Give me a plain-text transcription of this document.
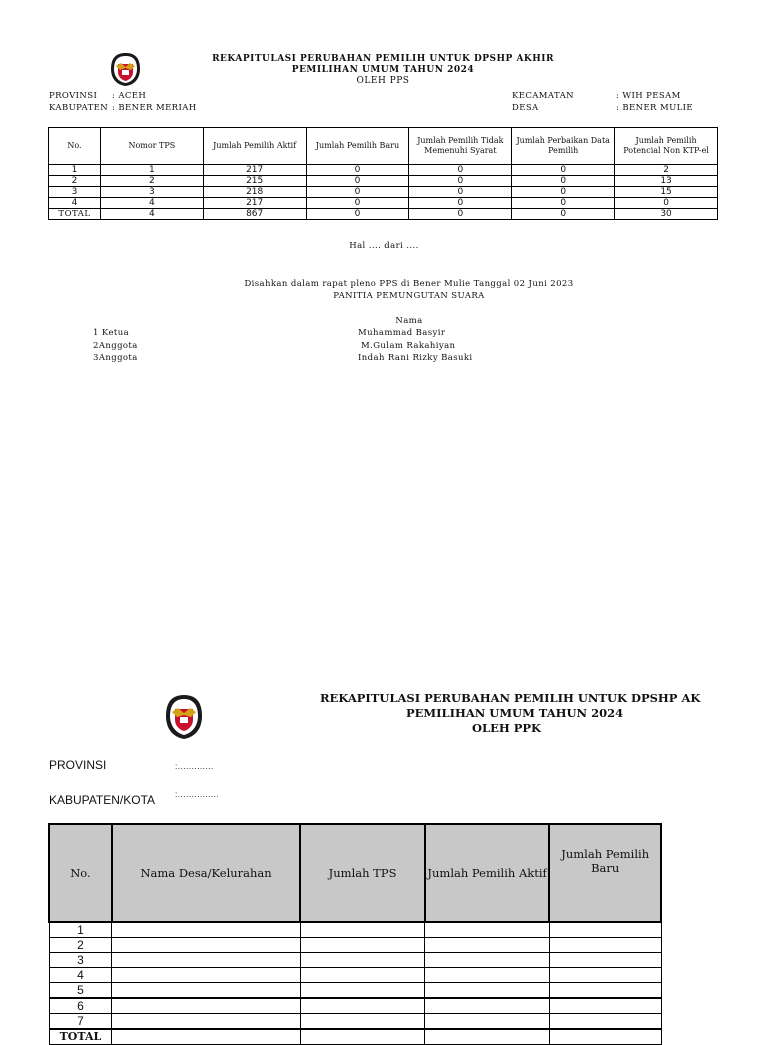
REKAPITULASI PERUBAHAN PEMILIH UNTUK DPSHP AKHIR
PEMILIHAN UMUM TAHUN 2024
OLEH PPS
PROVINSI : ACEH
KABUPATEN : BENER MERIAH
KECAMATAN	: WIH PESAM
DESA	: BENER MULIE
No.	Nomor TPS	Jumlah Pemilih Aktif	Jumlah Pemilih Baru	Jumlah Pemilih Tidak Memenuhi Syarat	Jumlah Perbaikan Data Pemilih	Jumlah Pemilih Potencial Non KTP-el
1	1	217	0	0	0	2
2	2	215	0	0	0	13
3	3	218	0	0	0	15
4	4	217	0	0	0	0
TOTAL	4	867	0	0	0	30
Hal .... dari ....
Disahkan dalam rapat pleno PPS di Bener Mulie Tanggal 02 Juni 2023
PANITIA PEMUNGUTAN SUARA
Nama
1 Ketua	Muhammad Basyir
2Anggota	M.Gulam Rakahiyan
3Anggota	Indah Rani Rizky Basuki
REKAPITULASI PERUBAHAN PEMILIH UNTUK DPSHP AK
PEMILIHAN UMUM TAHUN 2024
OLEH PPK
PROVINSI	:.............
KABUPATEN/KOTA :...............
No.	Nama Desa/Kelurahan	Jumlah TPS	Jumlah Pemilih Aktif	Jumlah Pemilih Baru
1				
2				
3				
4				
5				
6				
7				
TOTAL				
